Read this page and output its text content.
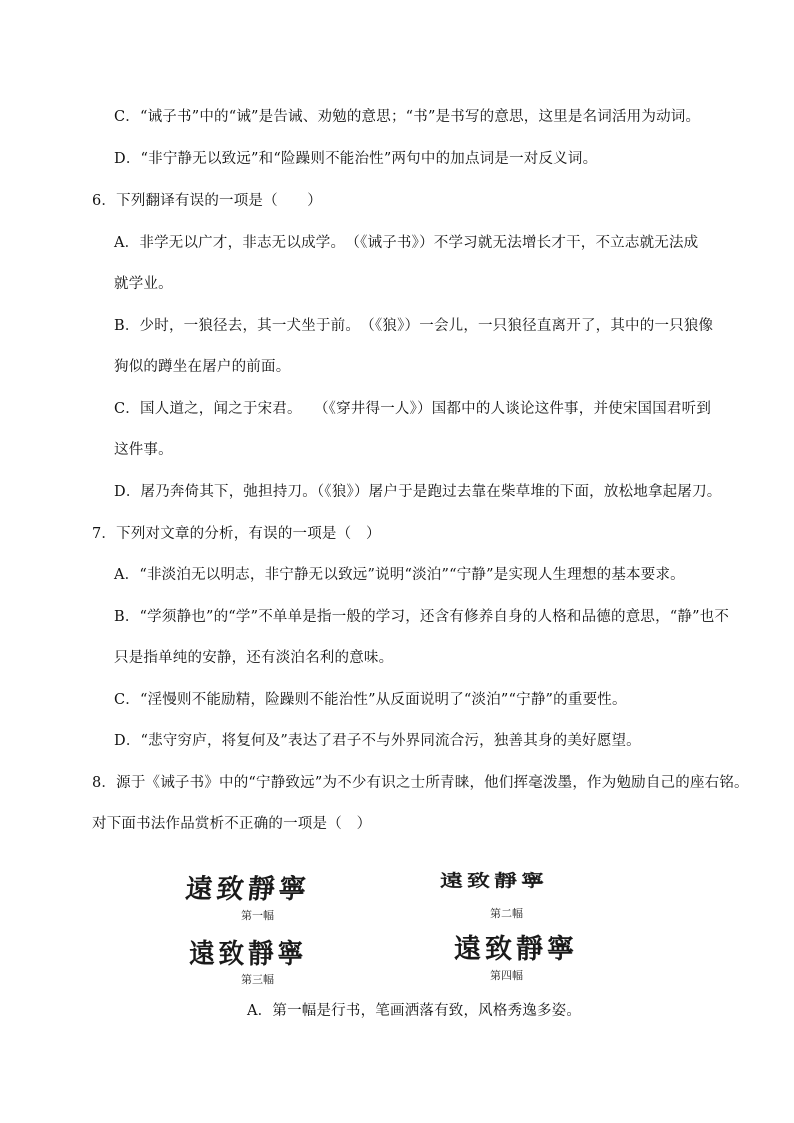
C．“诫子书”中的“诫”是告诫、劝勉的意思；“书”是书写的意思，这里是名词活用为动词。
D．“非宁静无以致远”和“险躁则不能治性”两句中的加点词是一对反义词。
6．下列翻译有误的一项是（　　）
A．非学无以广才，非志无以成学。　（《诫子书》）不学习就无法增长才干，不立志就无法成
就学业。
B．少时，一狼径去，其一犬坐于前。　（《狼》）一会儿，一只狼径直离开了，其中的一只狼像
狗似的蹲坐在屠户的前面。
C．国人道之，闻之于宋君。　 （《穿井得一人》）国都中的人谈论这件事，并使宋国国君听到
这件事。
D．屠乃奔倚其下，弛担持刀。（《狼》）屠户于是跑过去靠在柴草堆的下面，放松地拿起屠刀。
7．下列对文章的分析，有误的一项是（　）
A．“非淡泊无以明志，非宁静无以致远”说明“淡泊”“宁静”是实现人生理想的基本要求。
B．“学须静也”的“学”不单单是指一般的学习，还含有修养自身的人格和品德的意思，“静”也不
只是指单纯的安静，还有淡泊名利的意味。
C．“淫慢则不能励精，险躁则不能治性”从反面说明了“淡泊”“宁静”的重要性。
D．“悲守穷庐，将复何及”表达了君子不与外界同流合污，独善其身的美好愿望。
8．源于《诫子书》中的“宁静致远”为不少有识之士所青睐，他们挥毫泼墨，作为勉励自己的座右铭。
对下面书法作品赏析不正确的一项是（　）
遠致靜寧
第一幅
遠致靜寧
第二幅
遠致靜寧
第三幅
遠致靜寧
第四幅
A．第一幅是行书，笔画洒落有致，风格秀逸多姿。
